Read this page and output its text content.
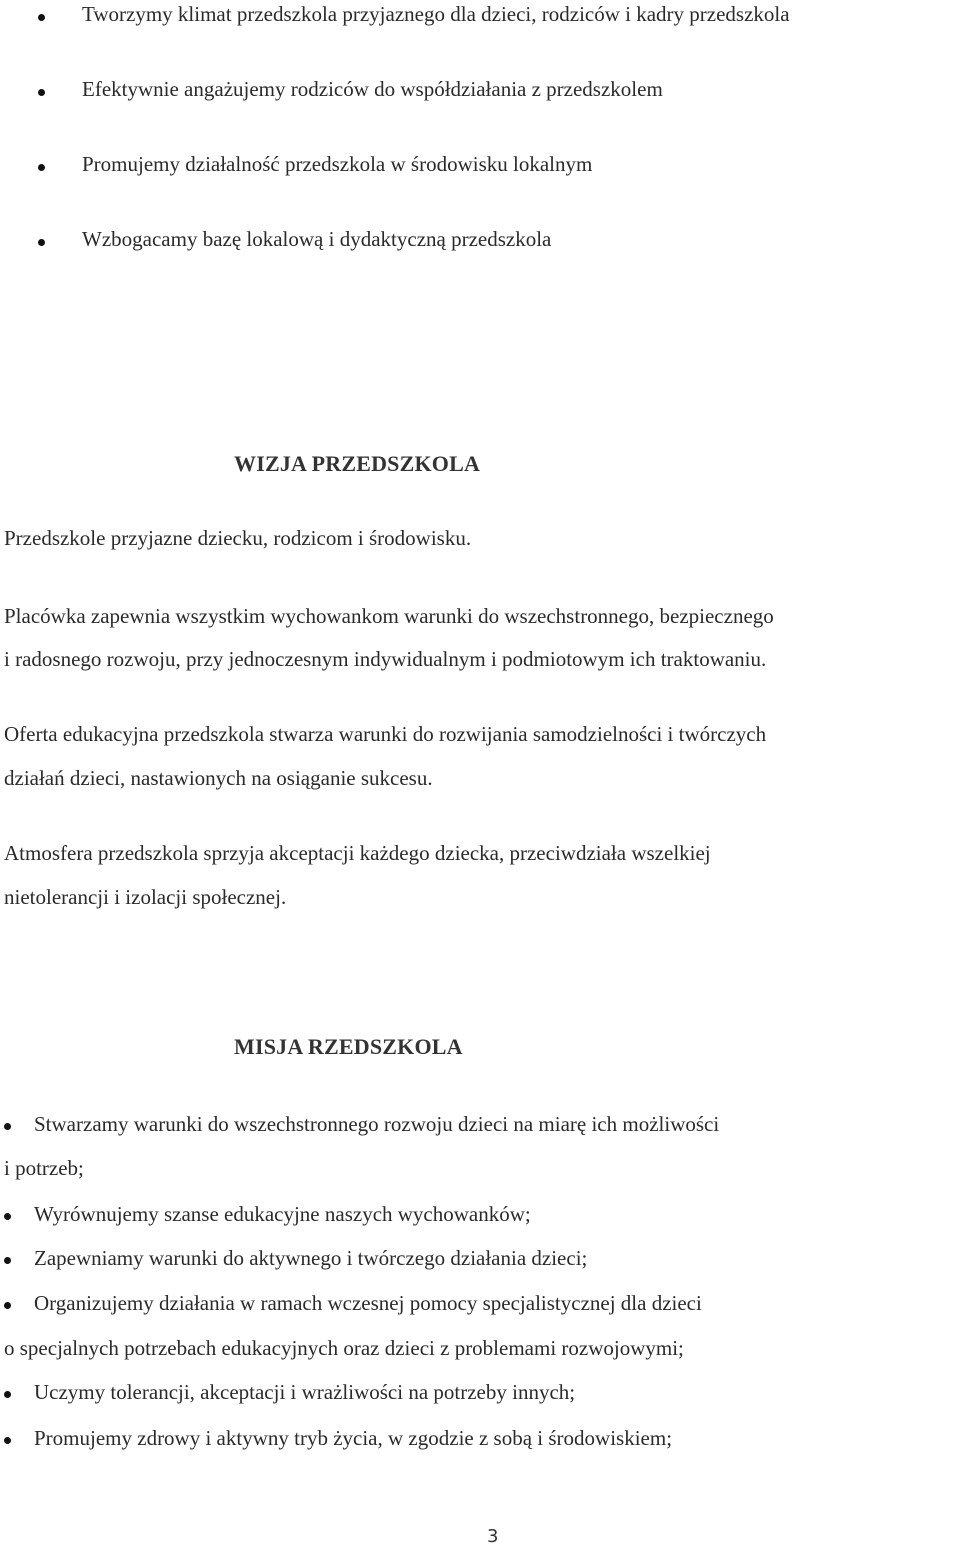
Tworzymy klimat przedszkola przyjaznego dla dzieci, rodziców i kadry przedszkola
Efektywnie angażujemy rodziców do współdziałania z przedszkolem
Promujemy działalność przedszkola w środowisku lokalnym
Wzbogacamy bazę lokalową i dydaktyczną przedszkola
WIZJA PRZEDSZKOLA
Przedszkole przyjazne dziecku, rodzicom i środowisku.
Placówka zapewnia wszystkim wychowankom warunki do wszechstronnego, bezpiecznego
i radosnego rozwoju, przy jednoczesnym indywidualnym i podmiotowym ich traktowaniu.
Oferta edukacyjna przedszkola stwarza warunki do rozwijania samodzielności i twórczych
działań dzieci, nastawionych na osiąganie sukcesu.
Atmosfera przedszkola sprzyja akceptacji każdego dziecka, przeciwdziała wszelkiej
nietolerancji i izolacji społecznej.
MISJA RZEDSZKOLA
Stwarzamy warunki do wszechstronnego rozwoju dzieci na miarę ich możliwości
i potrzeb;
Wyrównujemy szanse edukacyjne naszych wychowanków;
Zapewniamy warunki do aktywnego i twórczego działania dzieci;
Organizujemy działania w ramach wczesnej pomocy specjalistycznej dla dzieci
o specjalnych potrzebach edukacyjnych oraz dzieci z problemami rozwojowymi;
Uczymy tolerancji, akceptacji i wrażliwości na potrzeby innych;
Promujemy zdrowy i aktywny tryb życia, w zgodzie z sobą i środowiskiem;
3
